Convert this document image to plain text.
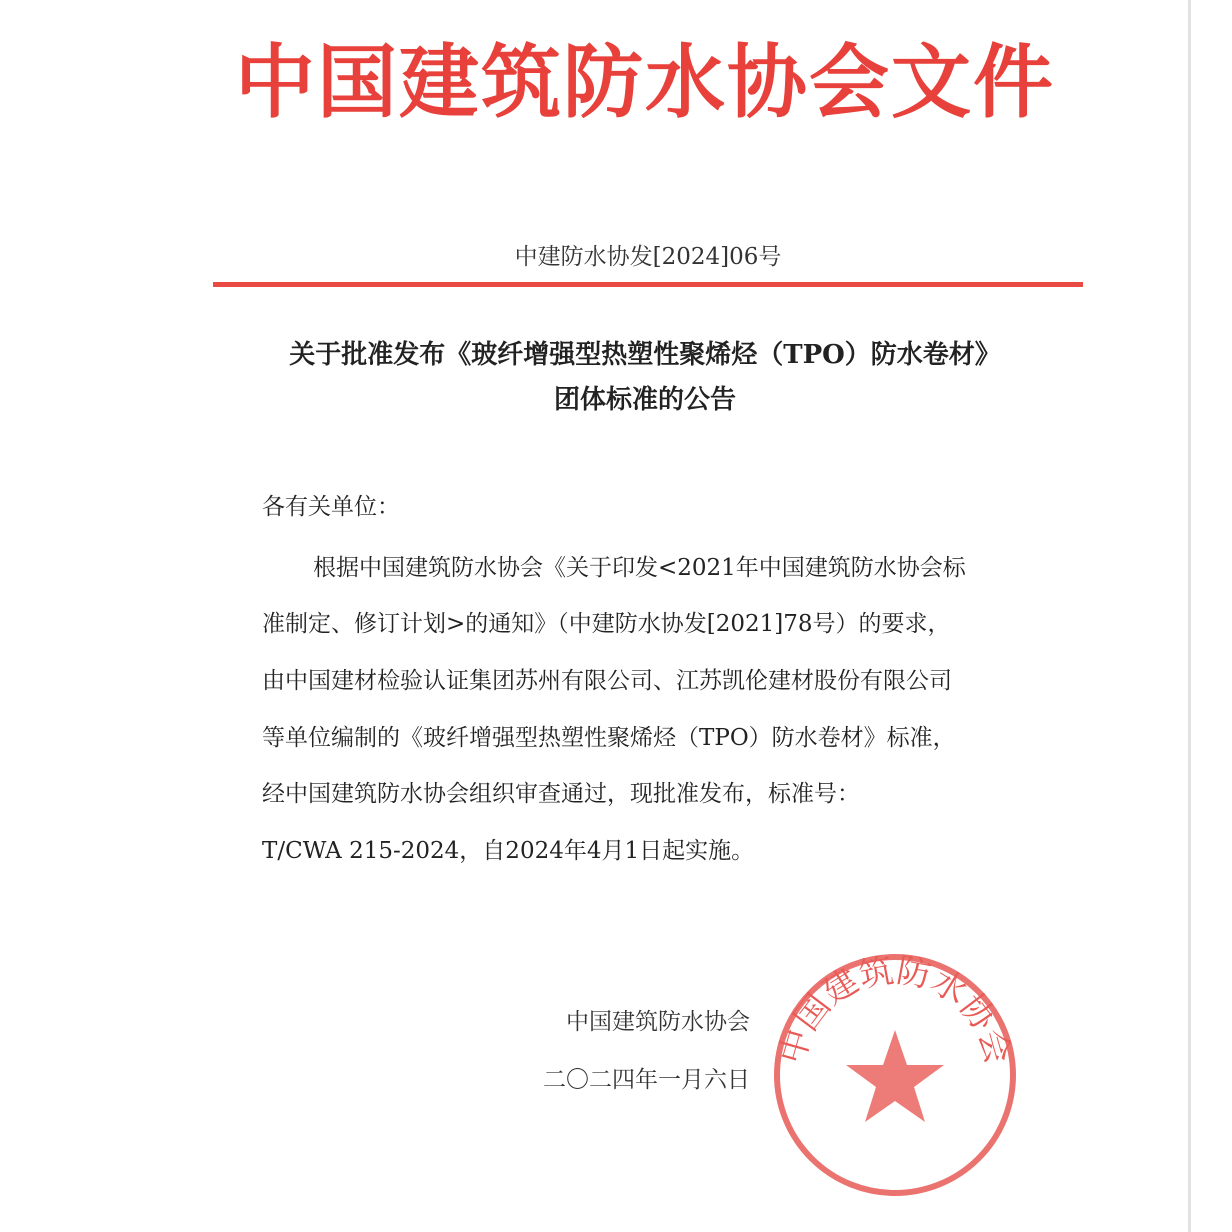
中国建筑防水协会文件
中建防水协发[2024]06号
关于批准发布《玻纤增强型热塑性聚烯烃（TPO）防水卷材》
团体标准的公告
各有关单位：
根据中国建筑防水协会《关于印发<2021年中国建筑防水协会标
准制定、修订计划>的通知》（中建防水协发[2021]78号）的要求，
由中国建材检验认证集团苏州有限公司、江苏凯伦建材股份有限公司
等单位编制的《玻纤增强型热塑性聚烯烃（TPO）防水卷材》标准，
经中国建筑防水协会组织审查通过，现批准发布，标准号：
T/CWA 215-2024，自2024年4月1日起实施。
中国建筑防水协会
中国建筑防水协会
二〇二四年一月六日
